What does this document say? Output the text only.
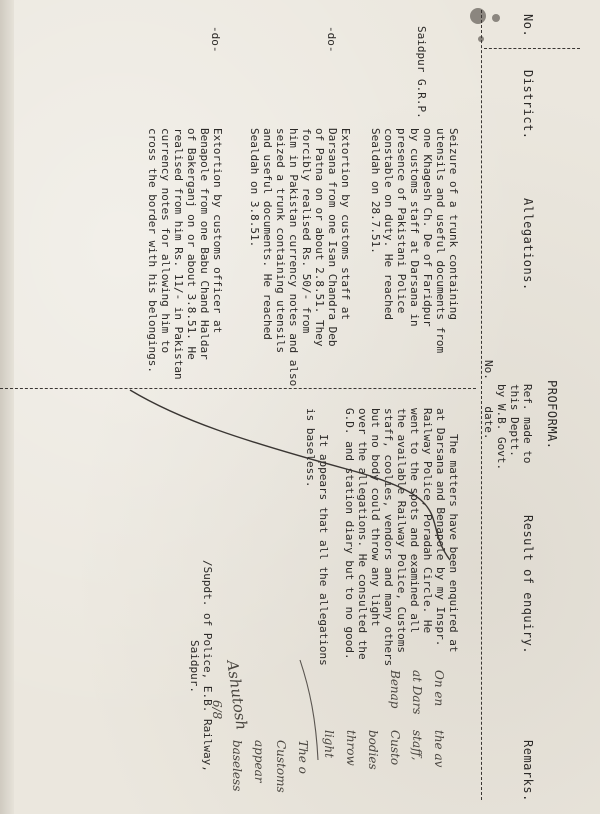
No.
District.
Allegations.
PROFORMA.
Ref. made to
this Deptt.
by W.B. Govt.
No.    date.
Result of enquiry.
Remarks.
Saidpur G.R.P.
Seizure of a trunk containing
utensils and useful documents from
one Khagesh Ch. De of Faridpur
by customs staff at Darsana in
presence of Pakistani Police
constable on duty. He reached
Sealdah on 28.7.51.
-do-
Extortion by customs staff at
Darsana from one Isan Chandra Deb
of Patna on or about 2.8.51. They
forcibly realised Rs. 50/- from
him in Pakistan currency notes and also
seized a trunk containing utensils
and useful documents. He reached
Sealdah on 3.8.51.
-do-
Extortion by customs officer at
Benapole from one Babu Chand Haldar
of Bakerganj on or about 3.8.51. He
realised from him Rs. 11/- in Pakistan
currency notes for allowing him to
cross the border with his belongings.
The matters have been enquired at
at Darsana and Benapole by my Inspr.
Railway Police, Poradah Circle. He
went to the spots and examined all
the available Railway Police, Customs
staff, coolies, vendors and many others
but no body could throw any light
over the allegations. He consulted the
G.D. and station diary but to no good.
It appears that all the allegations
is baseless.
/Supdt. of Police, E.B. Railway,
Saidpur. Ashutosh
6/8
On en
at Dars
Benap
the av
staff,
Custo
bodies
throw
light
The o
Customs
appear
baseless
